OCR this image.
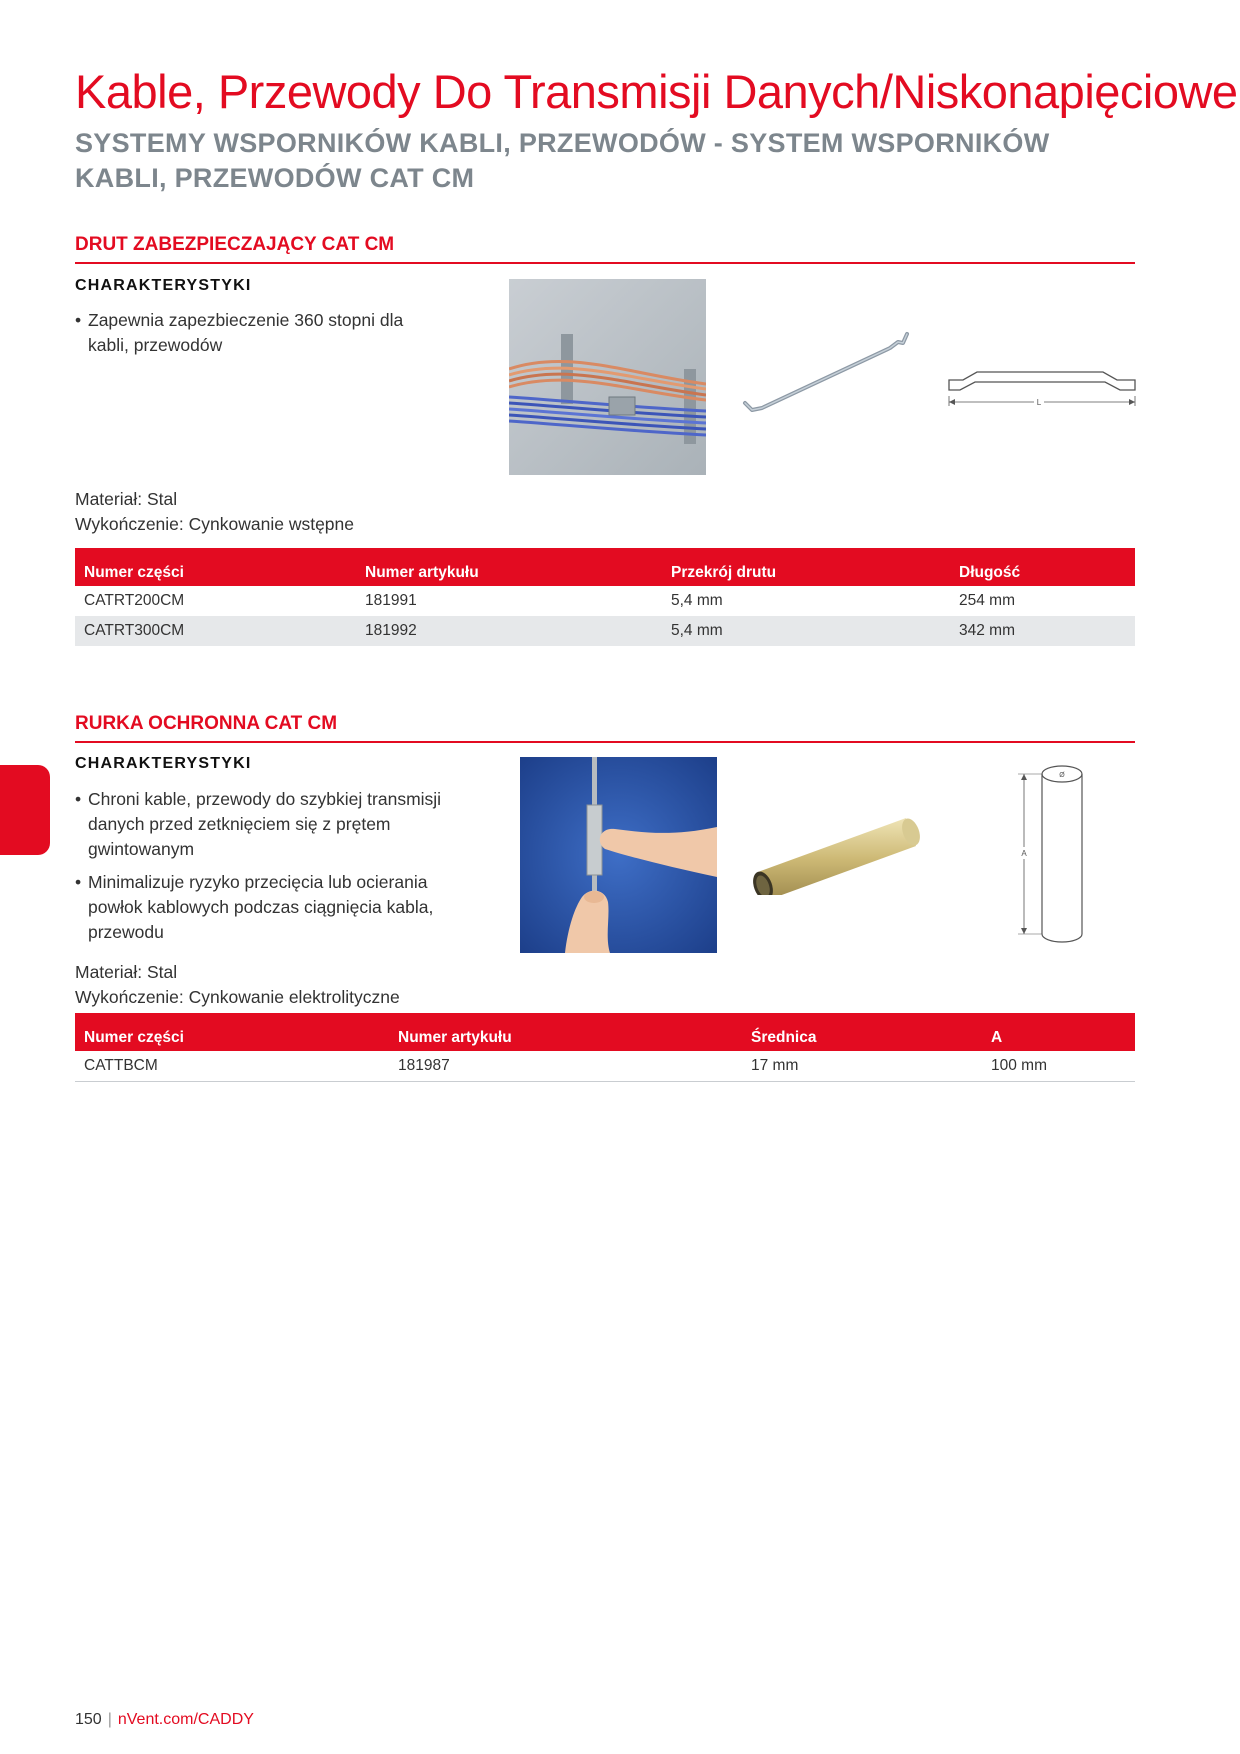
Kable, Przewody Do Transmisji Danych/Niskonapięciowe
SYSTEMY WSPORNIKÓW KABLI, PRZEWODÓW - SYSTEM WSPORNIKÓW KABLI, PRZEWODÓW CAT CM
DRUT ZABEZPIECZAJĄCY CAT CM
CHARAKTERYSTYKI
• Zapewnia zapezbieczenie 360 stopni dla kabli, przewodów
L
Materiał: Stal
Wykończenie: Cynkowanie wstępne
Numer części	Numer artykułu	Przekrój drutu	Długość
CATRT200CM	181991	5,4 mm	254 mm
CATRT300CM	181992	5,4 mm	342 mm
RURKA OCHRONNA CAT CM
CHARAKTERYSTYKI
• Chroni kable, przewody do szybkiej transmisji danych przed zetknięciem się z prętem gwintowanym
• Minimalizuje ryzyko przecięcia lub ocierania powłok kablowych podczas ciągnięcia kabla, przewodu
A
Ø
Materiał: Stal
Wykończenie: Cynkowanie elektrolityczne
Numer części	Numer artykułu	Średnica	A
CATTBCM	181987	17 mm	100 mm
150 | nVent.com/CADDY
